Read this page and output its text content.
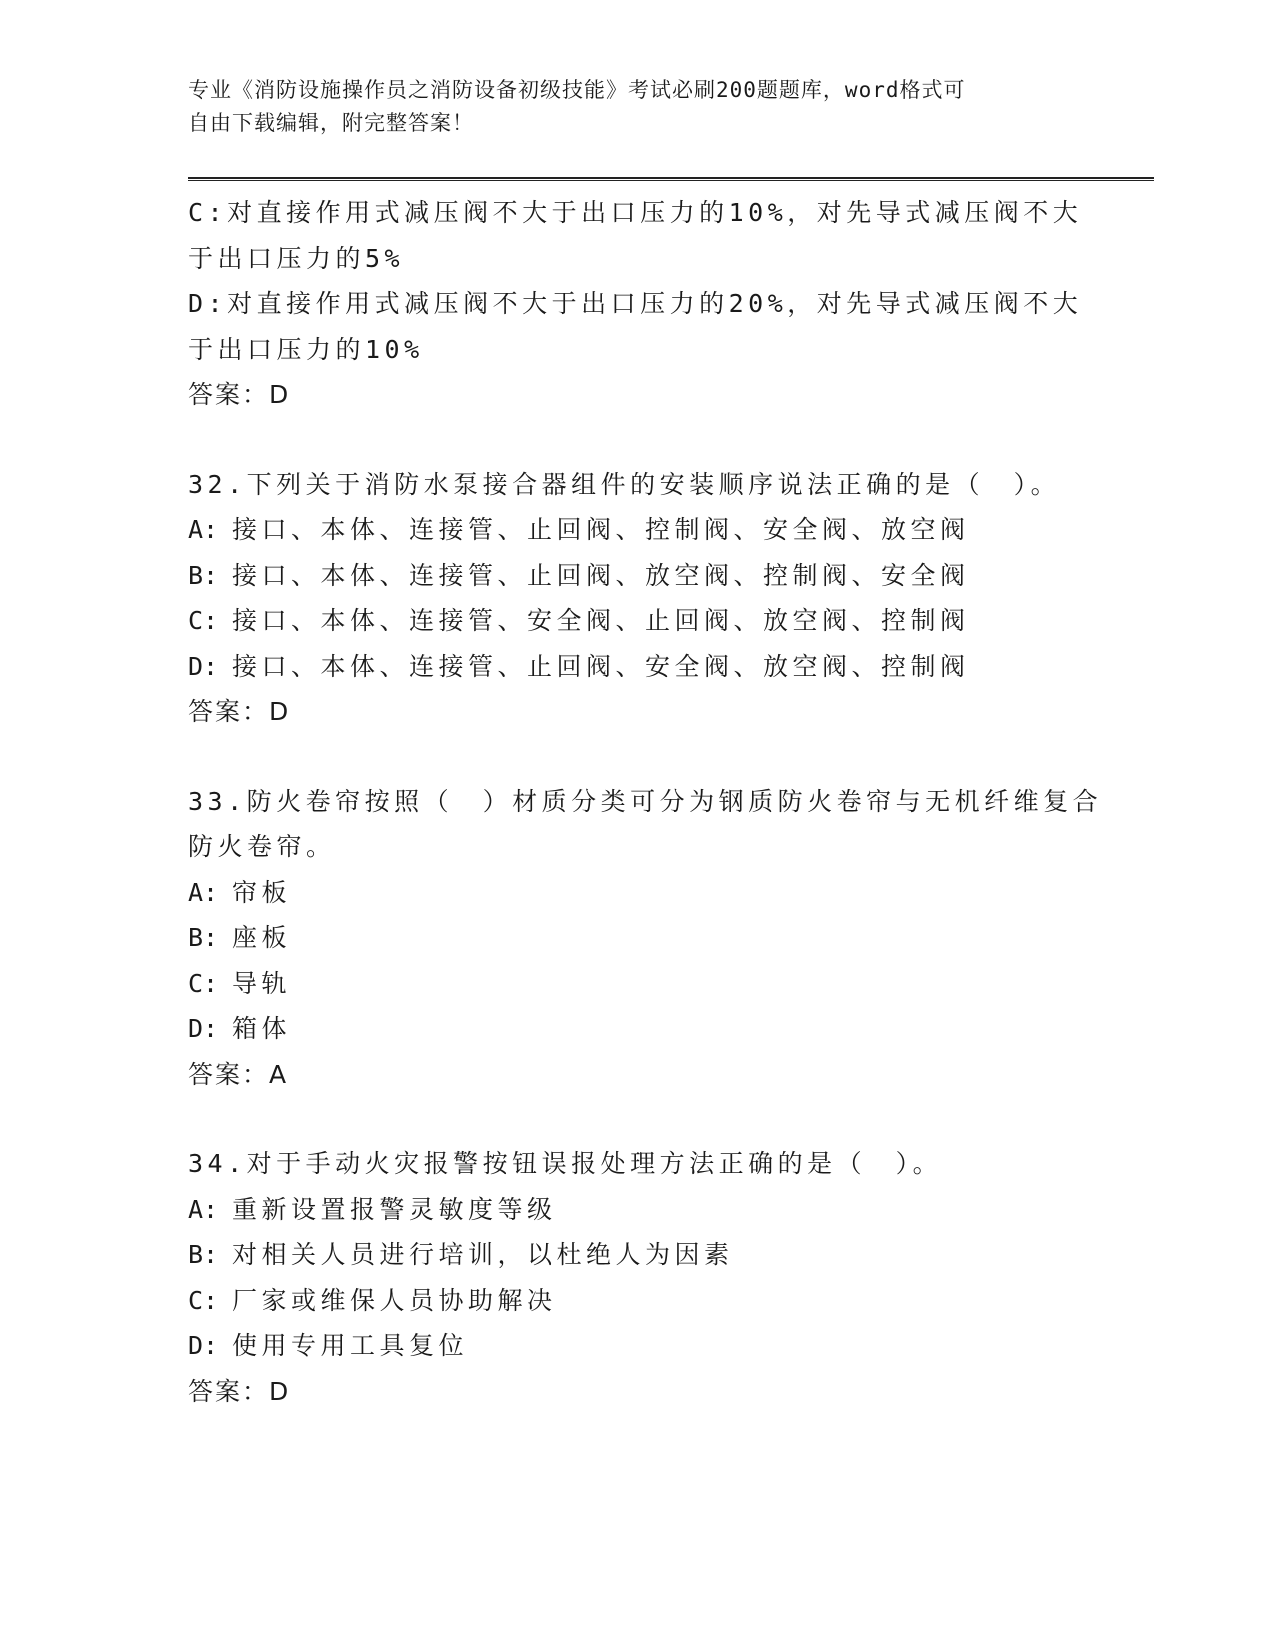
专业《消防设施操作员之消防设备初级技能》考试必刷200题题库，word格式可
自由下载编辑，附完整答案！
C:对直接作用式减压阀不大于出口压力的10%，对先导式减压阀不大
于出口压力的5%
D:对直接作用式减压阀不大于出口压力的20%，对先导式减压阀不大
于出口压力的10%
答案：D
32.下列关于消防水泵接合器组件的安装顺序说法正确的是（　）。
A: 接口、本体、连接管、止回阀、控制阀、安全阀、放空阀
B: 接口、本体、连接管、止回阀、放空阀、控制阀、安全阀
C: 接口、本体、连接管、安全阀、止回阀、放空阀、控制阀
D: 接口、本体、连接管、止回阀、安全阀、放空阀、控制阀
答案：D
33.防火卷帘按照（　）材质分类可分为钢质防火卷帘与无机纤维复合
防火卷帘。
A: 帘板
B: 座板
C: 导轨
D: 箱体
答案：A
34.对于手动火灾报警按钮误报处理方法正确的是（　）。
A: 重新设置报警灵敏度等级
B: 对相关人员进行培训，以杜绝人为因素
C: 厂家或维保人员协助解决
D: 使用专用工具复位
答案：D
